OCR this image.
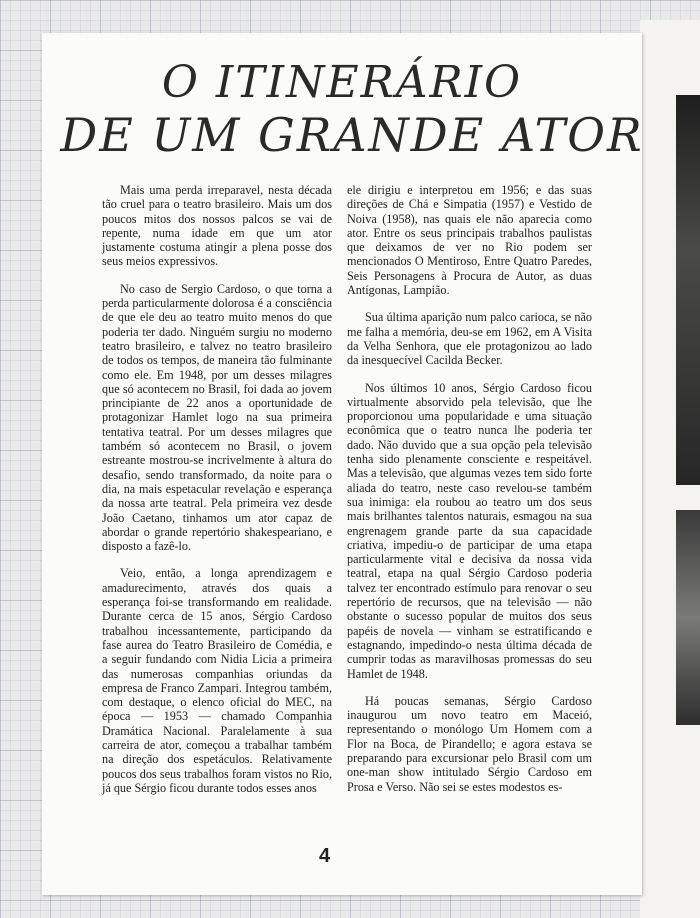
O ITINERÁRIO
DE UM GRANDE ATOR

Mais uma perda irreparavel, nesta década tão cruel para o teatro brasileiro. Mais um dos poucos mitos dos nossos palcos se vai de repente, numa idade em que um ator justamente costuma atingir a plena posse dos seus meios expressivos.

No caso de Sergio Cardoso, o que torna a perda particularmente dolorosa é a consciência de que ele deu ao teatro muito menos do que poderia ter dado. Ninguém surgiu no moderno teatro brasileiro, e talvez no teatro brasileiro de todos os tempos, de maneira tão fulminante como ele. Em 1948, por um desses milagres que só acontecem no Brasil, foi dada ao jovem principiante de 22 anos a oportunidade de protagonizar Hamlet logo na sua primeira tentativa teatral. Por um desses milagres que também só acontecem no Brasil, o jovem estreante mostrou-se incrivelmente à altura do desafio, sendo transformado, da noite para o dia, na mais espetacular revelação e esperança da nossa arte teatral. Pela primeira vez desde João Caetano, tinhamos um ator capaz de abordar o grande repertório shakespeariano, e disposto a fazê-lo.

Veio, então, a longa aprendizagem e amadurecimento, através dos quais a esperança foi-se transformando em realidade. Durante cerca de 15 anos, Sérgio Cardoso trabalhou incessantemente, participando da fase aurea do Teatro Brasileiro de Comédia, e a seguir fundando com Nidia Licia a primeira das numerosas companhias oriundas da empresa de Franco Zampari. Integrou também, com destaque, o elenco oficial do MEC, na época — 1953 — chamado Companhia Dramática Nacional. Paralelamente à sua carreira de ator, começou a trabalhar também na direção dos espetáculos. Relativamente poucos dos seus trabalhos foram vistos no Rio, já que Sérgio ficou durante todos esses anos

ele dirigiu e interpretou em 1956; e das suas direções de Chá e Simpatia (1957) e Vestido de Noiva (1958), nas quais ele não aparecia como ator. Entre os seus principais trabalhos paulistas que deixamos de ver no Rio podem ser mencionados O Mentiroso, Entre Quatro Paredes, Seis Personagens à Procura de Autor, as duas Antígonas, Lampião.

Sua última aparição num palco carioca, se não me falha a memória, deu-se em 1962, em A Visita da Velha Senhora, que ele protagonizou ao lado da inesquecível Cacilda Becker.

Nos últimos 10 anos, Sérgio Cardoso ficou virtualmente absorvido pela televisão, que lhe proporcionou uma popularidade e uma situação econômica que o teatro nunca lhe poderia ter dado. Não duvido que a sua opção pela televisão tenha sido plenamente consciente e respeitável. Mas a televisão, que algumas vezes tem sido forte aliada do teatro, neste caso revelou-se também sua inimiga: ela roubou ao teatro um dos seus mais brilhantes talentos naturais, esmagou na sua engrenagem grande parte da sua capacidade criativa, impediu-o de participar de uma etapa particularmente vital e decisiva da nossa vida teatral, etapa na qual Sérgio Cardoso poderia talvez ter encontrado estímulo para renovar o seu repertório de recursos, que na televisão — não obstante o sucesso popular de muitos dos seus papéis de novela — vinham se estratificando e estagnando, impedindo-o nesta última década de cumprir todas as maravilhosas promessas do seu Hamlet de 1948.

Há poucas semanas, Sérgio Cardoso inaugurou um novo teatro em Maceió, representando o monólogo Um Homem com a Flor na Boca, de Pirandello; e agora estava se preparando para excursionar pelo Brasil com um one-man show intitulado Sérgio Cardoso em Prosa e Verso. Não sei se estes modestos es-

4
